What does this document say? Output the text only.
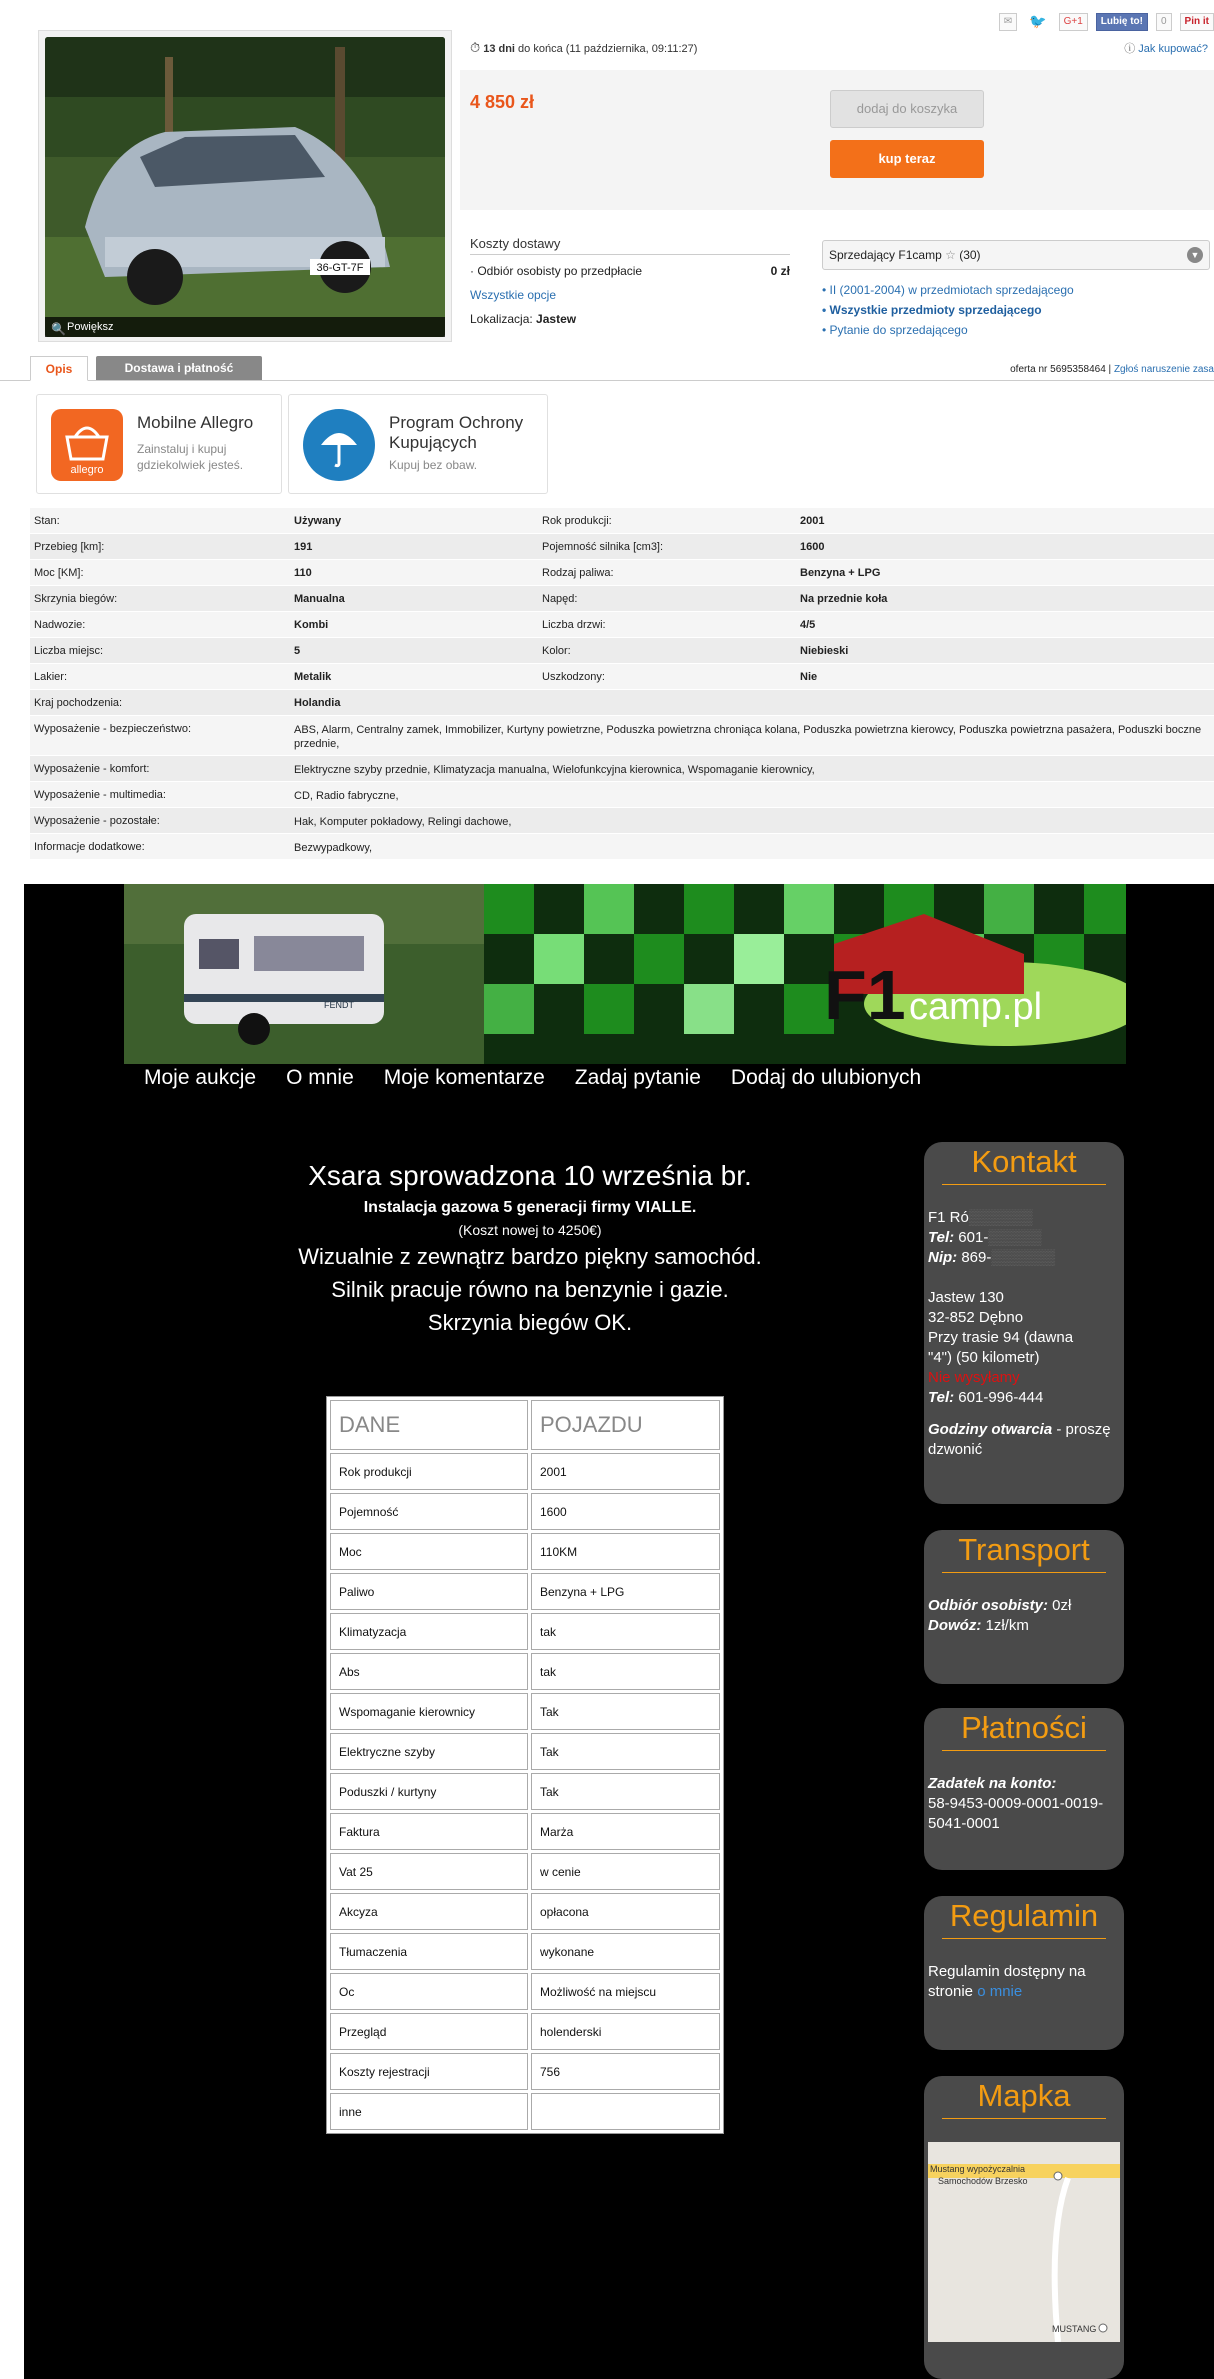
✉	🐦	G+1	Lubię to!	0	Pin it
36-GT-7F
🔍 Powiększ
⏱ 13 dni do końca (11 października, 09:11:27)	ⓘ Jak kupować?
4 850 zł	dodaj do koszyka
kup teraz
Koszty dostawy
· Odbiór osobisty po przedpłacie	0 zł
Wszystkie opcje
Lokalizacja: Jastew
Sprzedający F1camp ☆ (30)	▼
• II (2001-2004) w przedmiotach sprzedającego
• Wszystkie przedmioty sprzedającego
• Pytanie do sprzedającego
Opis	Dostawa i płatność	oferta nr 5695358464 | Zgłoś naruszenie zasa
allegro
Mobilne Allegro
Zainstaluj i kupuj
gdziekolwiek jesteś.
Program Ochrony
Kupujących
Kupuj bez obaw.
Stan:	Używany	Rok produkcji:	2001
Przebieg [km]:	191	Pojemność silnika [cm3]:	1600
Moc [KM]:	110	Rodzaj paliwa:	Benzyna + LPG
Skrzynia biegów:	Manualna	Napęd:	Na przednie koła
Nadwozie:	Kombi	Liczba drzwi:	4/5
Liczba miejsc:	5	Kolor:	Niebieski
Lakier:	Metalik	Uszkodzony:	Nie
Kraj pochodzenia:	Holandia
Wyposażenie - bezpieczeństwo:	ABS, Alarm, Centralny zamek, Immobilizer, Kurtyny powietrzne, Poduszka powietrzna chroniąca kolana, Poduszka powietrzna kierowcy, Poduszka powietrzna pasażera, Poduszki boczne przednie,
Wyposażenie - komfort:	Elektryczne szyby przednie, Klimatyzacja manualna, Wielofunkcyjna kierownica, Wspomaganie kierownicy,
Wyposażenie - multimedia:	CD, Radio fabryczne,
Wyposażenie - pozostałe:	Hak, Komputer pokładowy, Relingi dachowe,
Informacje dodatkowe:	Bezwypadkowy,
FENDT	F1 camp.pl
Moje aukcje O mnie Moje komentarze Zadaj pytanie Dodaj do ulubionych
Xsara sprowadzona 10 września br.
Instalacja gazowa 5 generacji firmy VIALLE.
(Koszt nowej to 4250€)
Wizualnie z zewnątrz bardzo piękny samochód.
Silnik pracuje równo na benzynie i gazie.
Skrzynia biegów OK.
DANE	POJAZDU
Rok produkcji	2001
Pojemność	1600
Moc	110KM
Paliwo	Benzyna + LPG
Klimatyzacja	tak
Abs	tak
Wspomaganie kierownicy	Tak
Elektryczne szyby	Tak
Poduszki / kurtyny	Tak
Faktura	Marża
Vat 25	w cenie
Akcyza	opłacona
Tłumaczenia	wykonane
Oc	Możliwość na miejscu
Przegląd	holenderski
Koszty rejestracji	756
inne	
Kontakt
F1 Ró▒▒▒▒▒▒
Tel: 601-▒▒▒▒▒
Nip: 869-▒▒▒▒▒▒
Jastew 130
32-852 Dębno
Przy trasie 94 (dawna
"4") (50 kilometr)
Nie wysyłamy
Tel: 601-996-444
Godziny otwarcia - proszę dzwonić
Transport
Odbiór osobisty: 0zł
Dowóz: 1zł/km
Płatności
Zadatek na konto:
58-9453-0009-0001-0019-5041-0001
Regulamin
Regulamin dostępny na stronie o mnie
Mapka
Mustang wypożyczalnia
Samochodów Brzesko
MUSTANG
